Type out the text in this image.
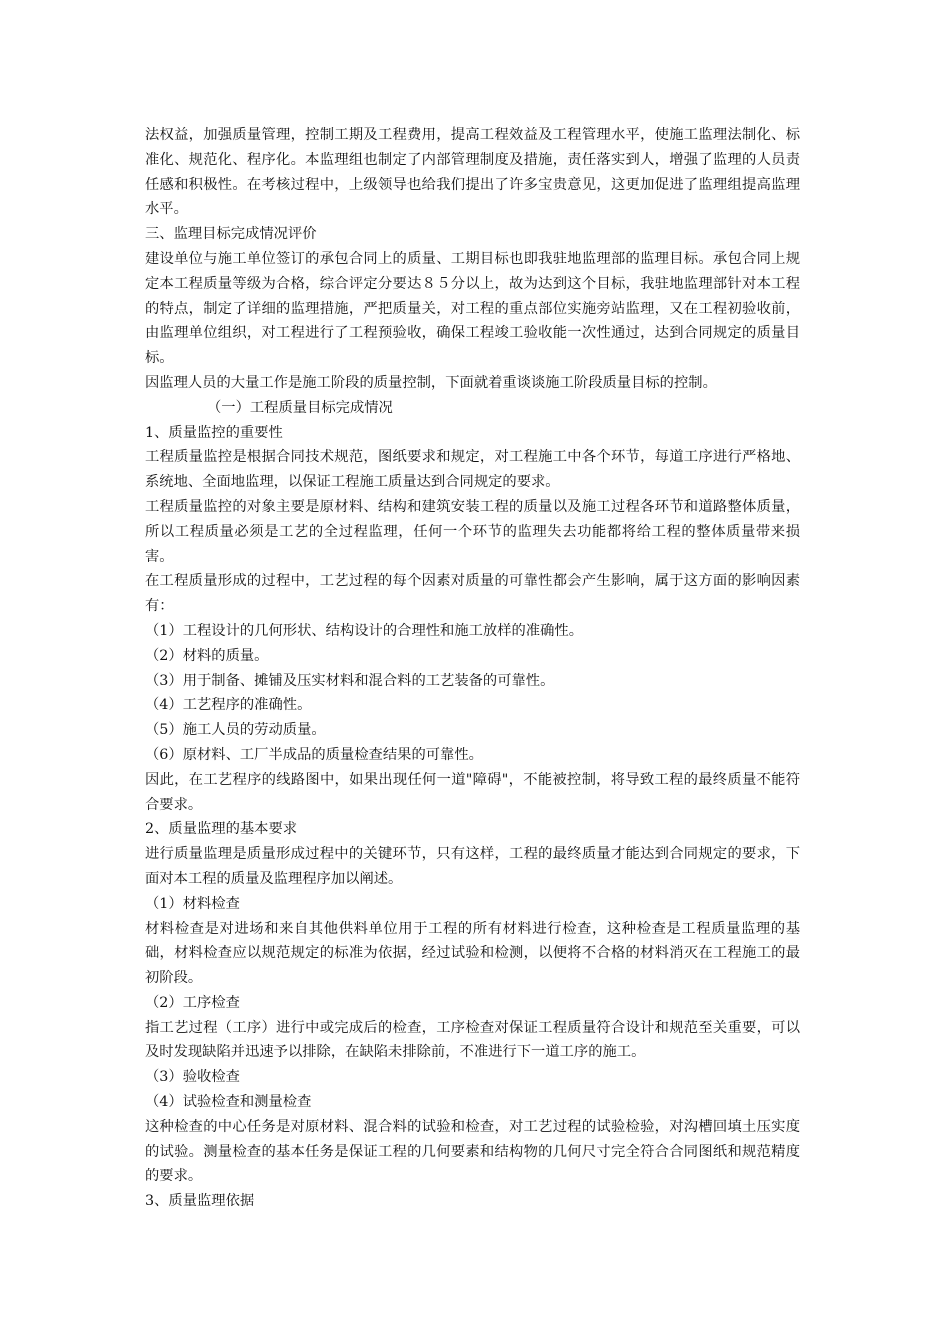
法权益，加强质量管理，控制工期及工程费用，提高工程效益及工程管理水平，使施工监理法制化、标准化、规范化、程序化。本监理组也制定了内部管理制度及措施，责任落实到人，增强了监理的人员责任感和积极性。在考核过程中，上级领导也给我们提出了许多宝贵意见，这更加促进了监理组提高监理水平。

三、监理目标完成情况评价

建设单位与施工单位签订的承包合同上的质量、工期目标也即我驻地监理部的监理目标。承包合同上规定本工程质量等级为合格，综合评定分要达８５分以上，故为达到这个目标，我驻地监理部针对本工程的特点，制定了详细的监理措施，严把质量关，对工程的重点部位实施旁站监理，又在工程初验收前，由监理单位组织，对工程进行了工程预验收，确保工程竣工验收能一次性通过，达到合同规定的质量目标。

因监理人员的大量工作是施工阶段的质量控制，下面就着重谈谈施工阶段质量目标的控制。

（一）工程质量目标完成情况

1、质量监控的重要性

工程质量监控是根据合同技术规范，图纸要求和规定，对工程施工中各个环节，每道工序进行严格地、系统地、全面地监理，以保证工程施工质量达到合同规定的要求。

工程质量监控的对象主要是原材料、结构和建筑安装工程的质量以及施工过程各环节和道路整体质量，所以工程质量必须是工艺的全过程监理，任何一个环节的监理失去功能都将给工程的整体质量带来损害。

在工程质量形成的过程中，工艺过程的每个因素对质量的可靠性都会产生影响，属于这方面的影响因素有：

（1）工程设计的几何形状、结构设计的合理性和施工放样的准确性。

（2）材料的质量。

（3）用于制备、摊铺及压实材料和混合料的工艺装备的可靠性。

（4）工艺程序的准确性。

（5）施工人员的劳动质量。

（6）原材料、工厂半成品的质量检查结果的可靠性。

因此，在工艺程序的线路图中，如果出现任何一道"障碍"，不能被控制，将导致工程的最终质量不能符合要求。

2、质量监理的基本要求

进行质量监理是质量形成过程中的关键环节，只有这样，工程的最终质量才能达到合同规定的要求，下面对本工程的质量及监理程序加以阐述。

（1）材料检查

材料检查是对进场和来自其他供料单位用于工程的所有材料进行检查，这种检查是工程质量监理的基础，材料检查应以规范规定的标准为依据，经过试验和检测，以便将不合格的材料消灭在工程施工的最初阶段。

（2）工序检查

指工艺过程（工序）进行中或完成后的检查，工序检查对保证工程质量符合设计和规范至关重要，可以及时发现缺陷并迅速予以排除，在缺陷未排除前，不准进行下一道工序的施工。

（3）验收检查

（4）试验检查和测量检查

这种检查的中心任务是对原材料、混合料的试验和检查，对工艺过程的试验检验，对沟槽回填土压实度的试验。测量检查的基本任务是保证工程的几何要素和结构物的几何尺寸完全符合合同图纸和规范精度的要求。

3、质量监理依据
